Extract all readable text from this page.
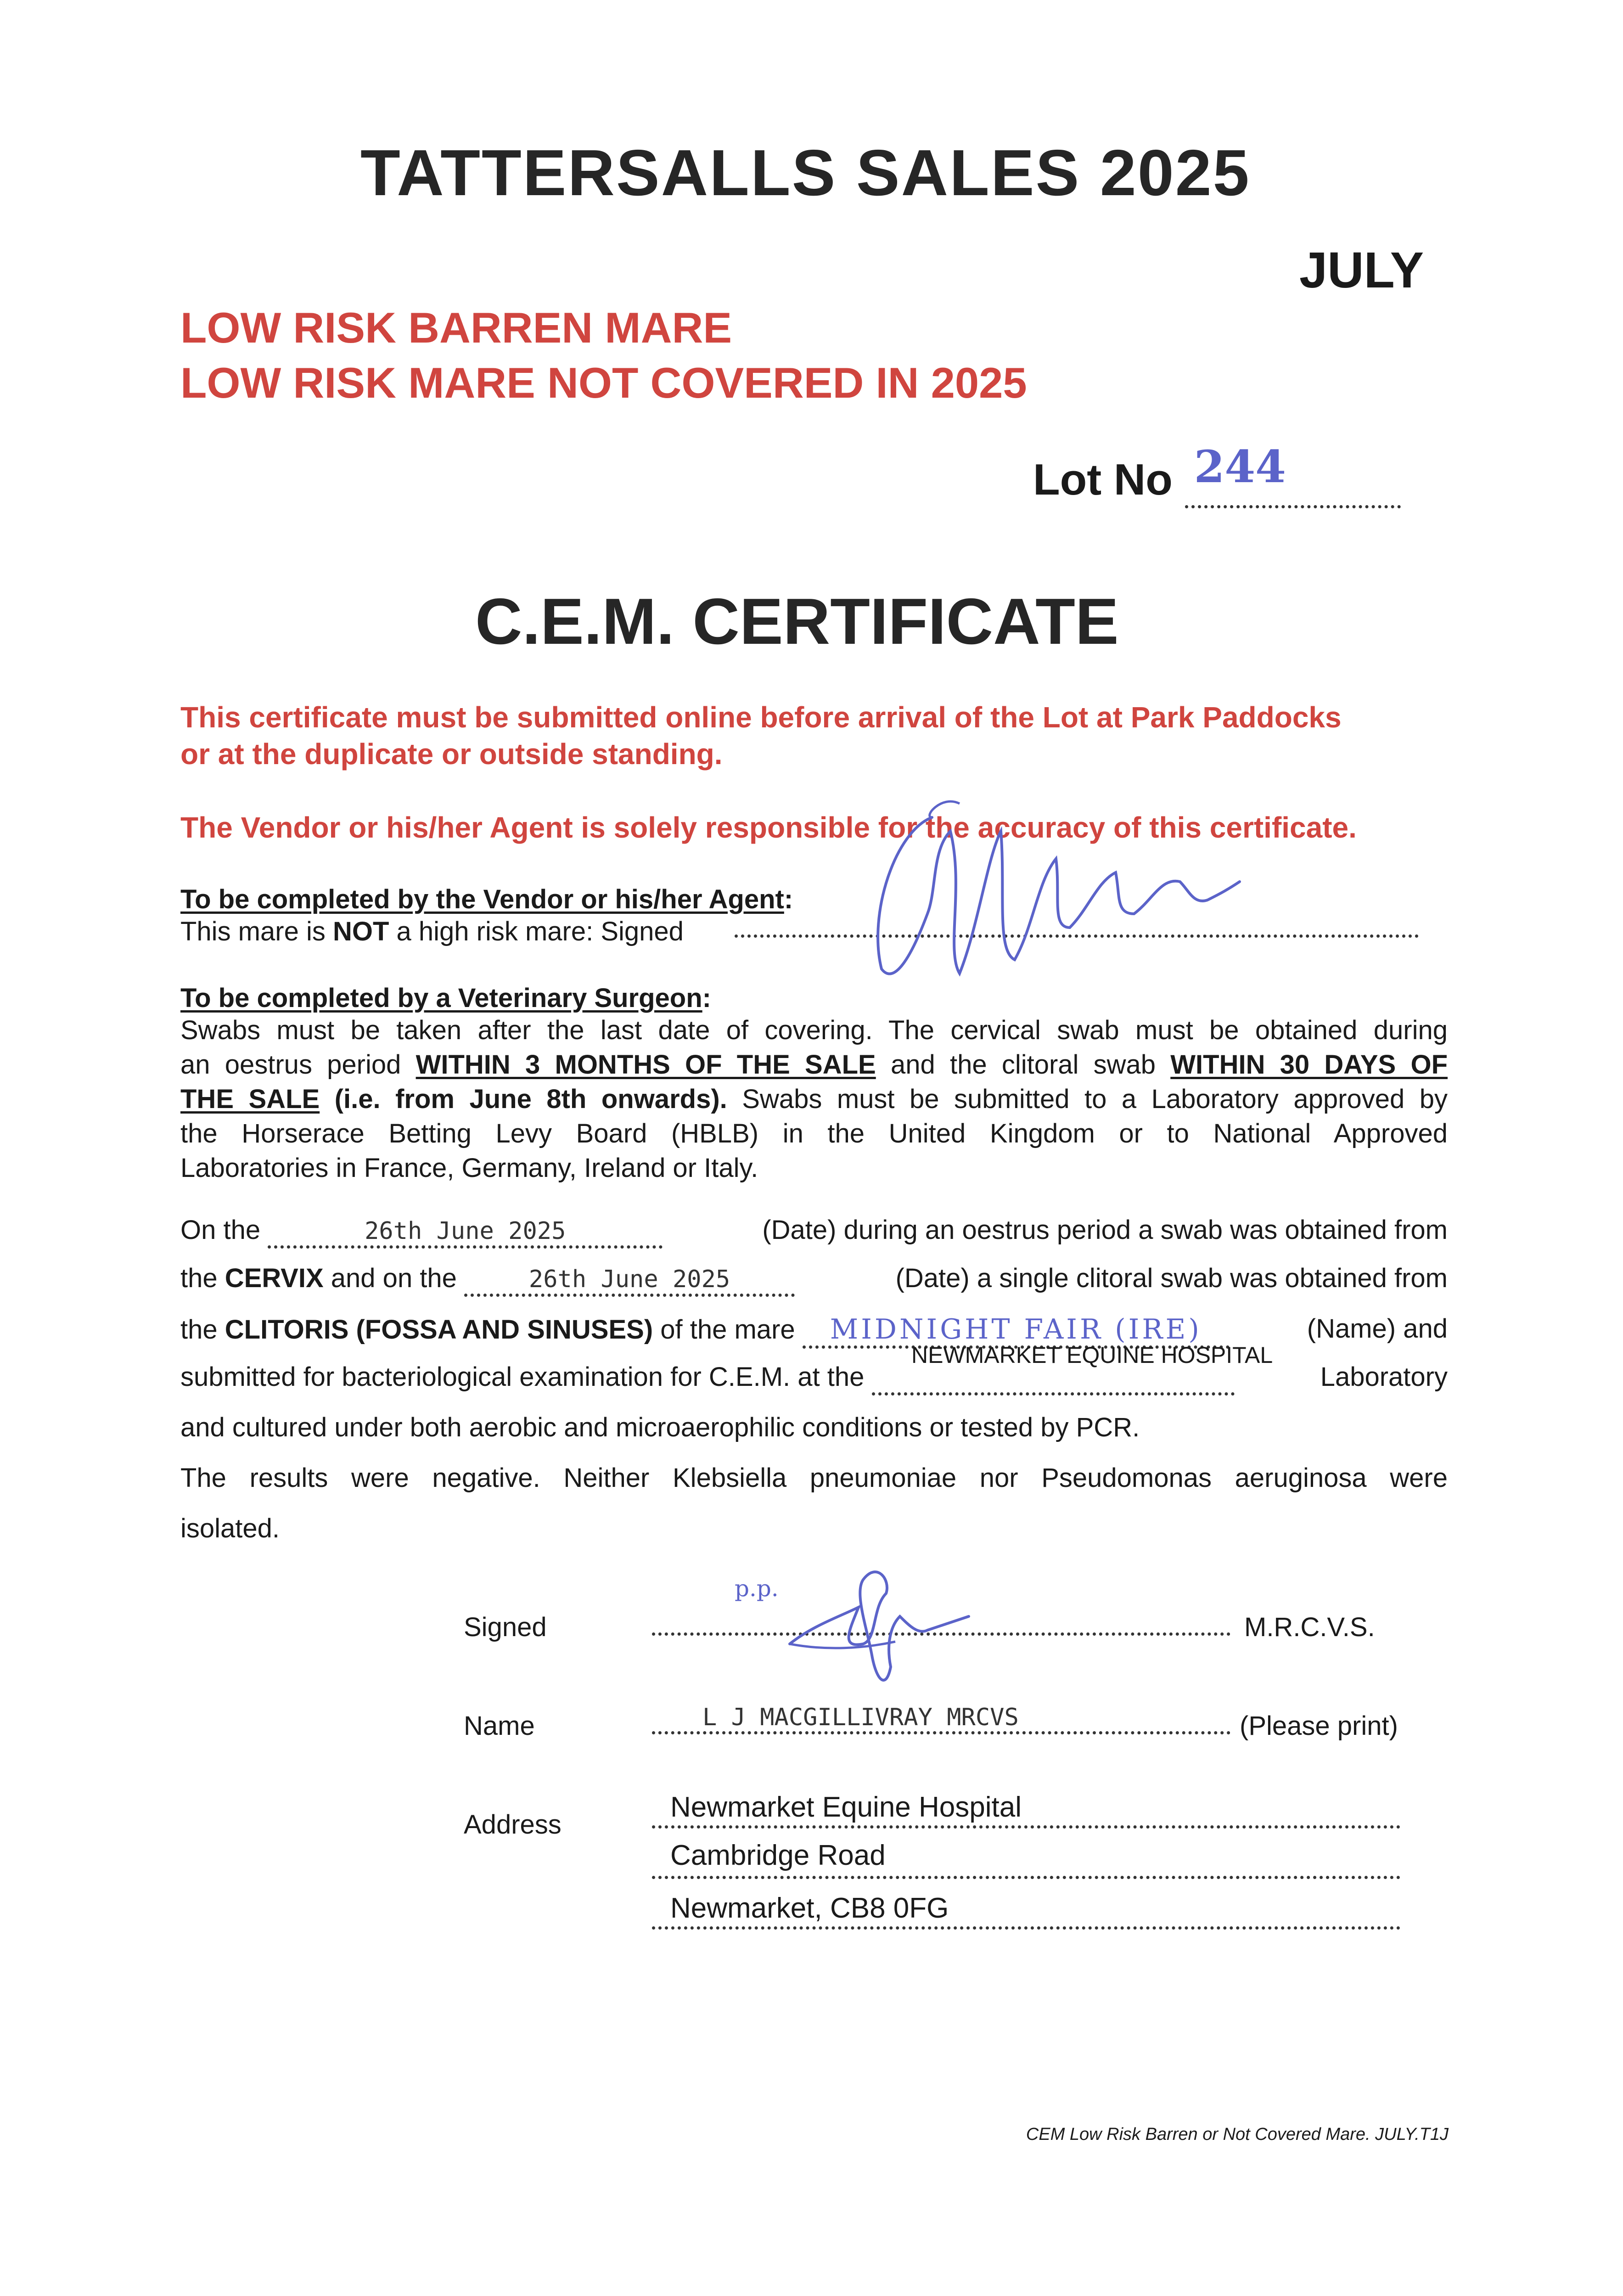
TATTERSALLS SALES 2025
JULY
LOW RISK BARREN MARE
LOW RISK MARE NOT COVERED IN 2025
Lot No 244

C.E.M. CERTIFICATE
This certificate must be submitted online before arrival of the Lot at Park Paddocks
or at the duplicate or outside standing.
The Vendor or his/her Agent is solely responsible for the accuracy of this certificate.
To be completed by the Vendor or his/her Agent:
This mare is NOT a high risk mare: Signed
To be completed by a Veterinary Surgeon:
Swabs must be taken after the last date of covering. The cervical swab must be obtained during
an oestrus period WITHIN 3 MONTHS OF THE SALE and the clitoral swab WITHIN 30 DAYS OF
THE SALE (i.e. from June 8th onwards). Swabs must be submitted to a Laboratory approved by
the Horserace Betting Levy Board (HBLB) in the United Kingdom or to National Approved
Laboratories in France, Germany, Ireland or Italy.
On the	26th June 2025	(Date) during an oestrus period a swab was obtained from
the CERVIX and on the	26th June 2025	(Date) a single clitoral swab was obtained from
the CLITORIS (FOSSA AND SINUSES) of the mare MIDNIGHT FAIR (IRE)	(Name) and
NEWMARKET EQUINE HOSPITAL
submitted for bacteriological examination for C.E.M. at the	Laboratory
and cultured under both aerobic and microaerophilic conditions or tested by PCR.
The results were negative. Neither Klebsiella pneumoniae nor Pseudomonas aeruginosa were
isolated.
Signed
p.p.
M.R.C.V.S.
Name	L J MACGILLIVRAY MRCVS	(Please print)
Address
Newmarket Equine Hospital
Cambridge Road
Newmarket, CB8 0FG
CEM Low Risk Barren or Not Covered Mare. JULY.T1J
